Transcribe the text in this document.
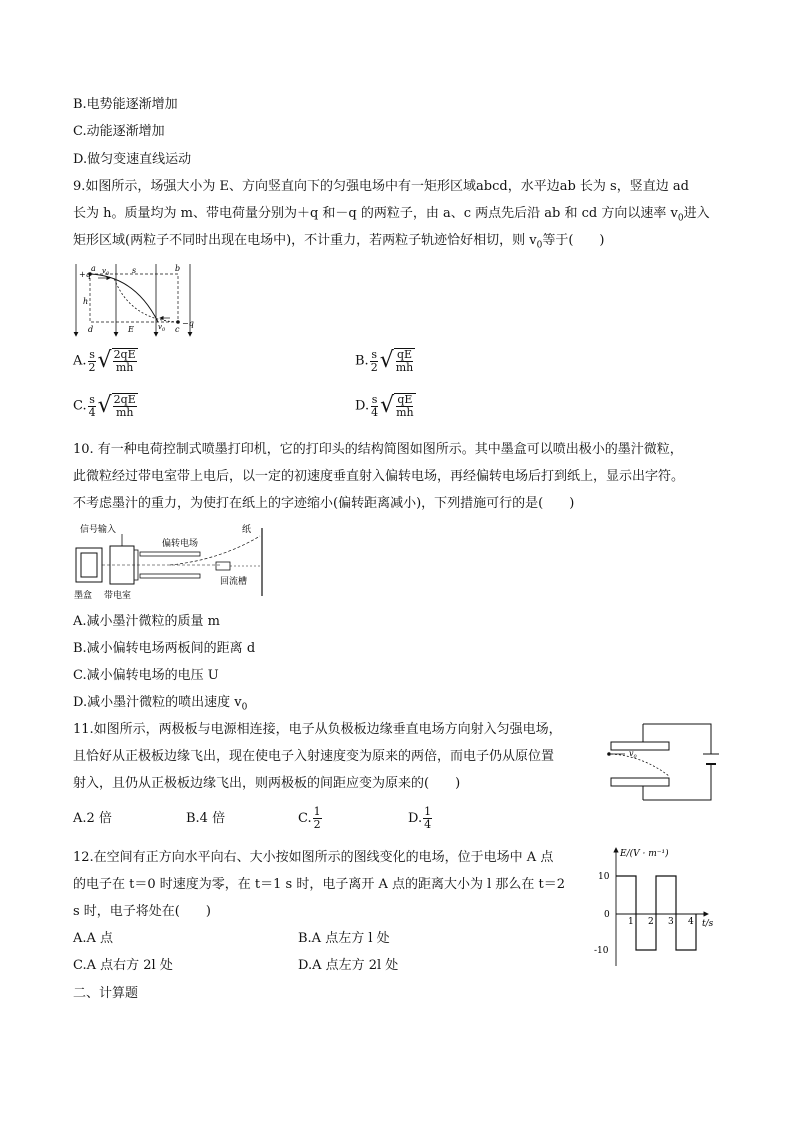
B.电势能逐渐增加
C.动能逐渐增加
D.做匀变速直线运动
9.如图所示，场强大小为 E、方向竖直向下的匀强电场中有一矩形区域abcd，水平边ab 长为 s，竖直边 ad
长为 h。质量均为 m、带电荷量分别为＋q 和－q 的两粒子，由 a、c 两点先后沿 ab 和 cd 方向以速率 $v_0$进入
矩形区域(两粒子不同时出现在电场中)，不计重力，若两粒子轨迹恰好相切，则 $v_0$等于(　　)
+q
a	b
c
d
−q
s
h
E
$v_0$
$v_0$
A. $\frac{s}{2}$ √ $\frac{2qE}{mh}$	B. $\frac{s}{2}$ √ $\frac{qE}{mh}$
C. $\frac{s}{4}$ √ $\frac{2qE}{mh}$	D. $\frac{s}{4}$ √ $\frac{qE}{mh}$
10. 有一种电荷控制式喷墨打印机，它的打印头的结构简图如图所示。其中墨盒可以喷出极小的墨汁微粒，
此微粒经过带电室带上电后，以一定的初速度垂直射入偏转电场，再经偏转电场后打到纸上，显示出字符。
不考虑墨汁的重力，为使打在纸上的字迹缩小(偏转距离减小)，下列措施可行的是(　　)
信号输入
偏转电场
纸
墨盒 带电室
回流槽
A.减小墨汁微粒的质量 m
B.减小偏转电场两板间的距离 d
C.减小偏转电场的电压 U
D.减小墨汁微粒的喷出速度 $v_0$
11.如图所示，两极板与电源相连接，电子从负极板边缘垂直电场方向射入匀强电场，
且恰好从正极板边缘飞出，现在使电子入射速度变为原来的两倍，而电子仍从原位置
射入，且仍从正极板边缘飞出，则两极板的间距应变为原来的(　　)
$v_0$
A.2 倍	B.4 倍	C. $\frac{1}{2}$	D. $\frac{1}{4}$
12.在空间有正方向水平向右、大小按如图所示的图线变化的电场，位于电场中 A 点
的电子在 t＝0 时速度为零，在 t＝1 s 时，电子离开 A 点的距离大小为 l 那么在 t＝2
s 时，电子将处在(　　)
E/(V · m⁻¹)
10
0
-10
1 2 3 4 t/s
A.A 点	B.A 点左方 l 处
C.A 点右方 2l 处	D.A 点左方 2l 处
二、计算题
